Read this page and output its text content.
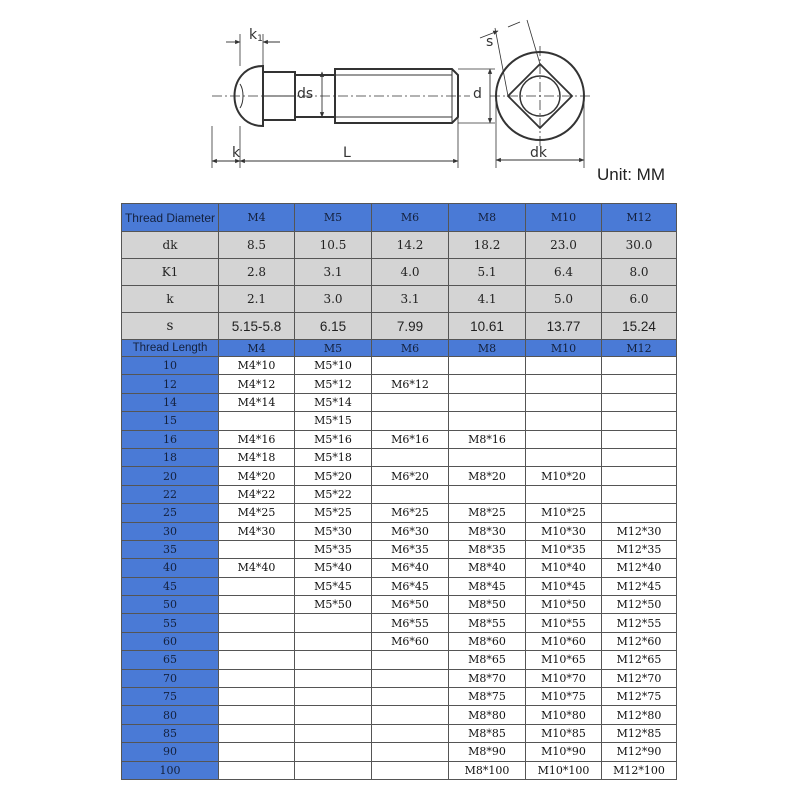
k1
ds
k	L
d
s
dk
Unit: MM
Thread Diameter	M4	M5	M6	M8	M10	M12
dk	8.5	10.5	14.2	18.2	23.0	30.0
K1	2.8	3.1	4.0	5.1	6.4	8.0
k	2.1	3.0	3.1	4.1	5.0	6.0
s	5.15-5.8	6.15	7.99	10.61	13.77	15.24
Thread Length	M4	M5	M6	M8	M10	M12
10	M4*10	M5*10				
12	M4*12	M5*12	M6*12			
14	M4*14	M5*14				
15		M5*15				
16	M4*16	M5*16	M6*16	M8*16		
18	M4*18	M5*18				
20	M4*20	M5*20	M6*20	M8*20	M10*20	
22	M4*22	M5*22				
25	M4*25	M5*25	M6*25	M8*25	M10*25	
30	M4*30	M5*30	M6*30	M8*30	M10*30	M12*30
35		M5*35	M6*35	M8*35	M10*35	M12*35
40	M4*40	M5*40	M6*40	M8*40	M10*40	M12*40
45		M5*45	M6*45	M8*45	M10*45	M12*45
50		M5*50	M6*50	M8*50	M10*50	M12*50
55			M6*55	M8*55	M10*55	M12*55
60			M6*60	M8*60	M10*60	M12*60
65				M8*65	M10*65	M12*65
70				M8*70	M10*70	M12*70
75				M8*75	M10*75	M12*75
80				M8*80	M10*80	M12*80
85				M8*85	M10*85	M12*85
90				M8*90	M10*90	M12*90
100				M8*100	M10*100	M12*100
